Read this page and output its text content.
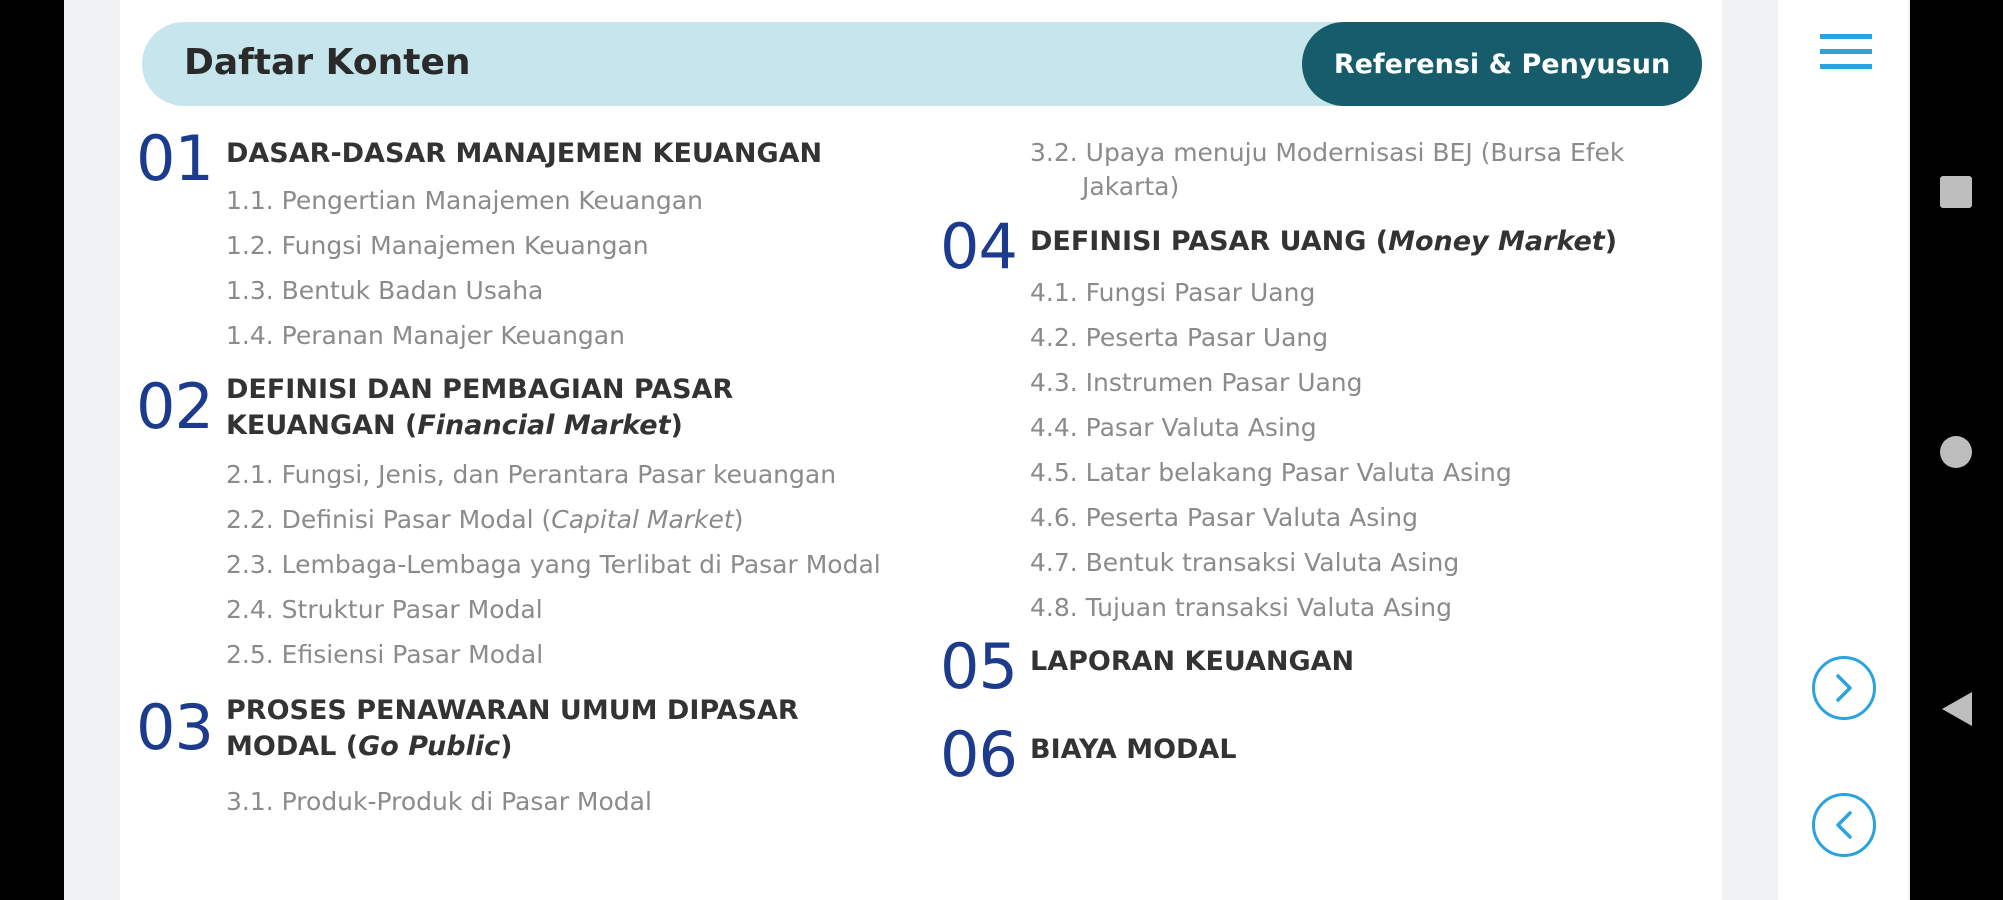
Daftar Konten	Referensi & Penyusun
01 DASAR-DASAR MANAJEMEN KEUANGAN
1.1. Pengertian Manajemen Keuangan
1.2. Fungsi Manajemen Keuangan
1.3. Bentuk Badan Usaha
1.4. Peranan Manajer Keuangan
02 DEFINISI DAN PEMBAGIAN PASAR
KEUANGAN (Financial Market)
2.1. Fungsi, Jenis, dan Perantara Pasar keuangan
2.2. Definisi Pasar Modal (Capital Market)
2.3. Lembaga-Lembaga yang Terlibat di Pasar Modal
2.4. Struktur Pasar Modal
2.5. Efisiensi Pasar Modal
03 PROSES PENAWARAN UMUM DIPASAR
MODAL (Go Public)
3.1. Produk-Produk di Pasar Modal
3.2. Upaya menuju Modernisasi BEJ (Bursa Efek
Jakarta)
04 DEFINISI PASAR UANG (Money Market)
4.1. Fungsi Pasar Uang
4.2. Peserta Pasar Uang
4.3. Instrumen Pasar Uang
4.4. Pasar Valuta Asing
4.5. Latar belakang Pasar Valuta Asing
4.6. Peserta Pasar Valuta Asing
4.7. Bentuk transaksi Valuta Asing
4.8. Tujuan transaksi Valuta Asing
05 LAPORAN KEUANGAN
06 BIAYA MODAL
